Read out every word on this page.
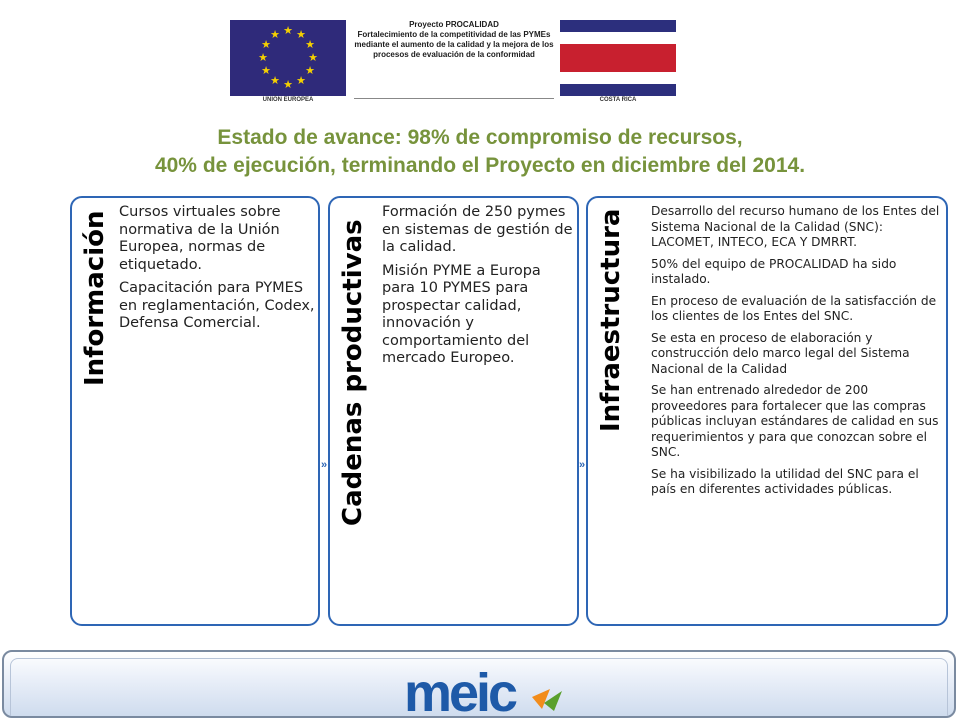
★ ★
★
★
★
★
★
★
★
★
★
★
UNIÓN EUROPEA
Proyecto PROCALIDAD
Fortalecimiento de la competitividad de las PYMEs mediante el aumento de la calidad y la mejora de los procesos de evaluación de la conformidad
COSTA RICA
Estado de avance: 98% de compromiso de recursos,
40% de ejecución, terminando el Proyecto en diciembre del 2014.
Información Cursos virtuales sobre normativa de la Unión Europea, normas de etiquetado.

Capacitación para PYMES en reglamentación, Codex, Defensa Comercial.

» Cadenas productivas

Formación de 250 pymes en sistemas de gestión de la calidad.

Misión PYME a Europa para 10 PYMES para prospectar calidad, innovación y comportamiento del mercado Europeo.

»
Infraestructura Desarrollo del recurso humano de los Entes del Sistema Nacional de la Calidad (SNC): LACOMET, INTECO, ECA Y DMRRT.

50% del equipo de PROCALIDAD ha sido instalado.

En proceso de evaluación de la satisfacción de los clientes de los Entes del SNC.

Se esta en proceso de elaboración y construcción delo marco legal del Sistema Nacional de la Calidad

Se han entrenado alrededor de 200 proveedores para fortalecer que las compras públicas incluyan estándares de calidad en sus requerimientos y para que conozcan sobre el SNC.

Se ha visibilizado la utilidad del SNC para el país en diferentes actividades públicas.

meic
